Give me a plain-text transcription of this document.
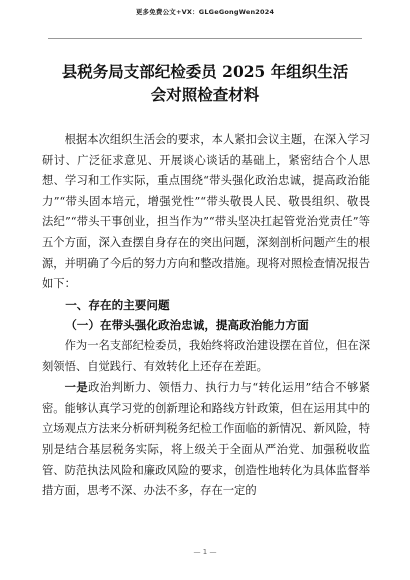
更多免费公文+VX：GLGeGongWen2024
县税务局支部纪检委员 2025 年组织生活
会对照检查材料

根据本次组织生活会的要求，本人紧扣会议主题，在深入学习研讨、广泛征求意见、开展谈心谈话的基础上，紧密结合个人思想、学习和工作实际，重点围绕“带头强化政治忠诚，提高政治能力”“带头固本培元，增强党性”“带头敬畏人民、敬畏组织、敬畏法纪”“带头干事创业，担当作为”“带头坚决扛起管党治党责任”等五个方面，深入查摆自身存在的突出问题，深刻剖析问题产生的根源，并明确了今后的努力方向和整改措施。现将对照检查情况报告如下：

一、存在的主要问题

（一）在带头强化政治忠诚，提高政治能力方面

作为一名支部纪检委员，我始终将政治建设摆在首位，但在深刻领悟、自觉践行、有效转化上还存在差距。

一是政治判断力、领悟力、执行力与“转化运用”结合不够紧密。能够认真学习党的创新理论和路线方针政策，但在运用其中的立场观点方法来分析研判税务纪检工作面临的新情况、新风险，特别是结合基层税务实际，将上级关于全面从严治党、加强税收监管、防范执法风险和廉政风险的要求，创造性地转化为具体监督举措方面，思考不深、办法不多，存在一定的

— 1 —
